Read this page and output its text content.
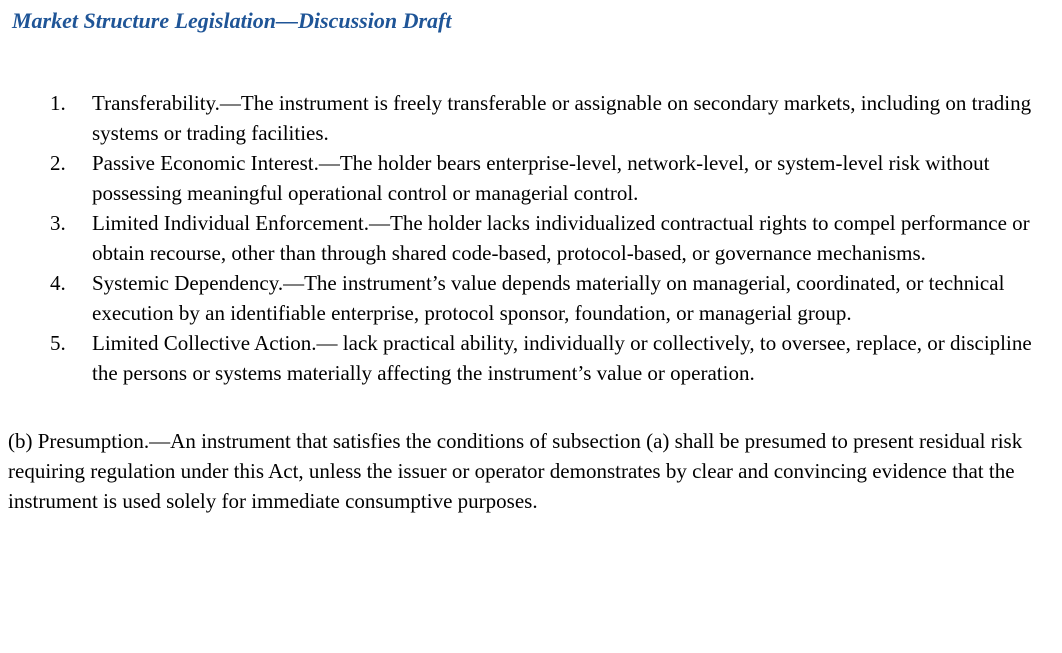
Market Structure Legislation—Discussion Draft
1.	Transferability.—The instrument is freely transferable or assignable on secondary markets, including on trading systems or trading facilities.
2.	Passive Economic Interest.—The holder bears enterprise-level, network-level, or system-level risk without possessing meaningful operational control or managerial control.
3.	Limited Individual Enforcement.—The holder lacks individualized contractual rights to compel performance or obtain recourse, other than through shared code-based, protocol-based, or governance mechanisms.
4.	Systemic Dependency.—The instrument’s value depends materially on managerial, coordinated, or technical execution by an identifiable enterprise, protocol sponsor, foundation, or managerial group.
5.	Limited Collective Action.— lack practical ability, individually or collectively, to oversee, replace, or discipline the persons or systems materially affecting the instrument’s value or operation.

(b) Presumption.—An instrument that satisfies the conditions of subsection (a) shall be presumed to present residual risk requiring regulation under this Act, unless the issuer or operator demonstrates by clear and convincing evidence that the instrument is used solely for immediate consumptive purposes.
